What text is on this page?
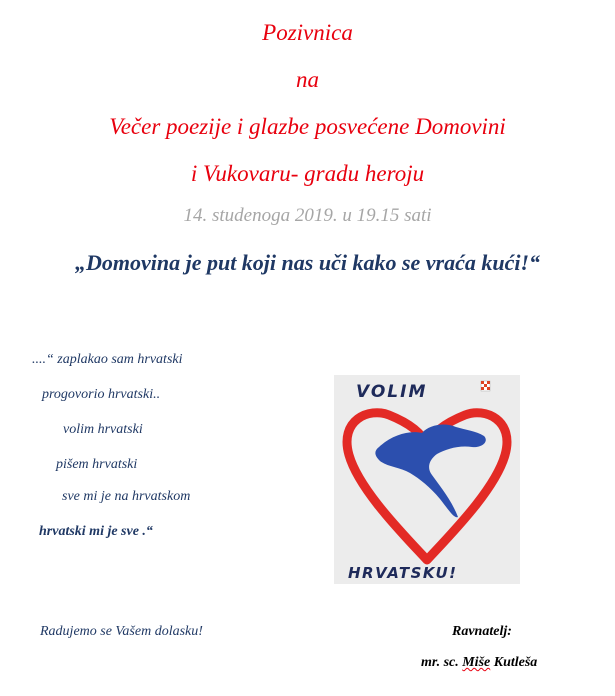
Pozivnica
na
Večer poezije i glazbe posvećene Domovini
i Vukovaru- gradu heroju
14. studenoga 2019. u 19.15 sati
„Domovina je put koji nas uči kako se vraća kući!“
....“ zaplakao sam hrvatski
progovorio hrvatski..
volim hrvatski
pišem hrvatski
sve mi je na hrvatskom
hrvatski mi je sve .“
VOLIM
HRVATSKU!
Radujemo se Vašem dolasku!	Ravnatelj:
mr. sc. Miše Kutleša
